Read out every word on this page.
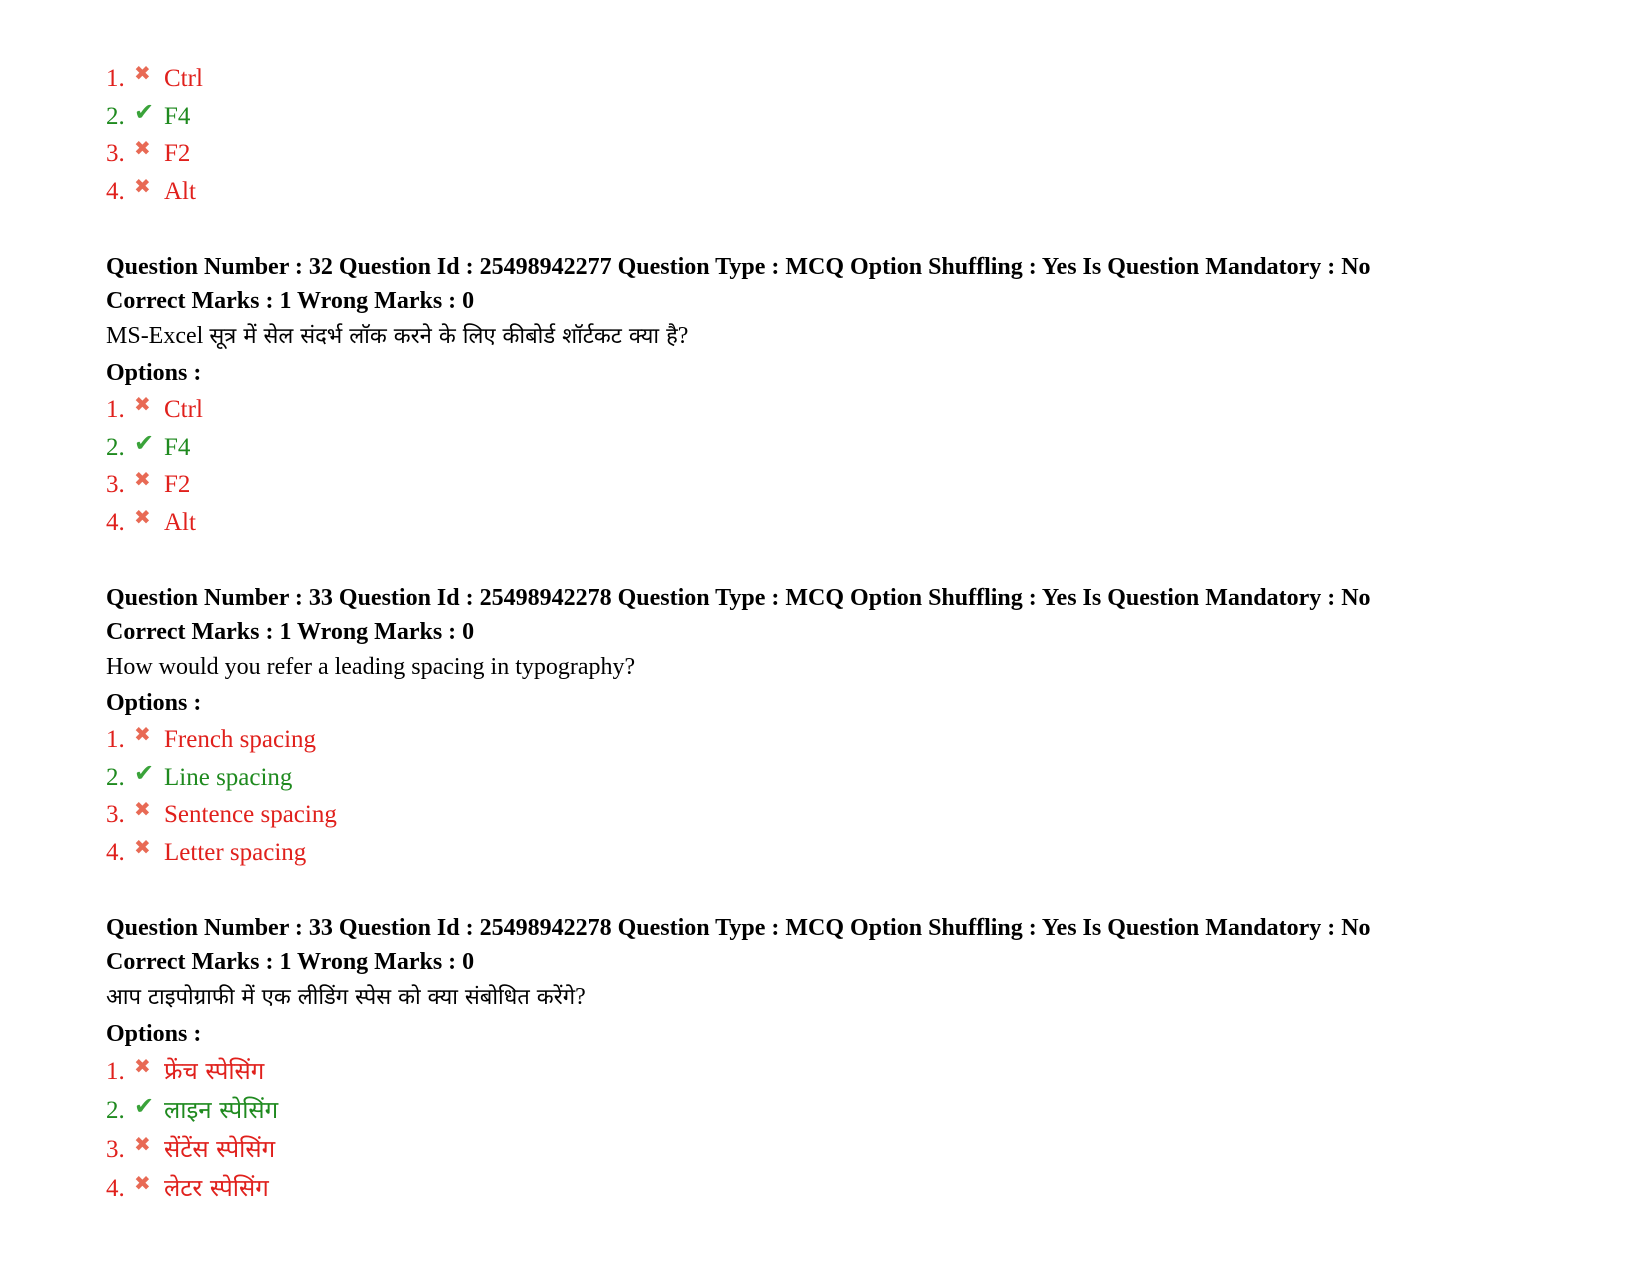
1. ✖ Ctrl
2. ✔ F4
3. ✖ F2
4. ✖ Alt
Question Number : 32 Question Id : 25498942277 Question Type : MCQ Option Shuffling : Yes Is Question Mandatory : No
Correct Marks : 1 Wrong Marks : 0
MS-Excel सूत्र में सेल संदर्भ लॉक करने के लिए कीबोर्ड शॉर्टकट क्या है?
Options :
1. ✖ Ctrl
2. ✔ F4
3. ✖ F2
4. ✖ Alt
Question Number : 33 Question Id : 25498942278 Question Type : MCQ Option Shuffling : Yes Is Question Mandatory : No
Correct Marks : 1 Wrong Marks : 0
How would you refer a leading spacing in typography?
Options :
1. ✖ French spacing
2. ✔ Line spacing
3. ✖ Sentence spacing
4. ✖ Letter spacing
Question Number : 33 Question Id : 25498942278 Question Type : MCQ Option Shuffling : Yes Is Question Mandatory : No
Correct Marks : 1 Wrong Marks : 0
आप टाइपोग्राफी में एक लीडिंग स्पेस को क्या संबोधित करेंगे?
Options :
1. ✖ फ्रेंच स्पेसिंग
2. ✔ लाइन स्पेसिंग
3. ✖ सेंटेंस स्पेसिंग
4. ✖ लेटर स्पेसिंग
